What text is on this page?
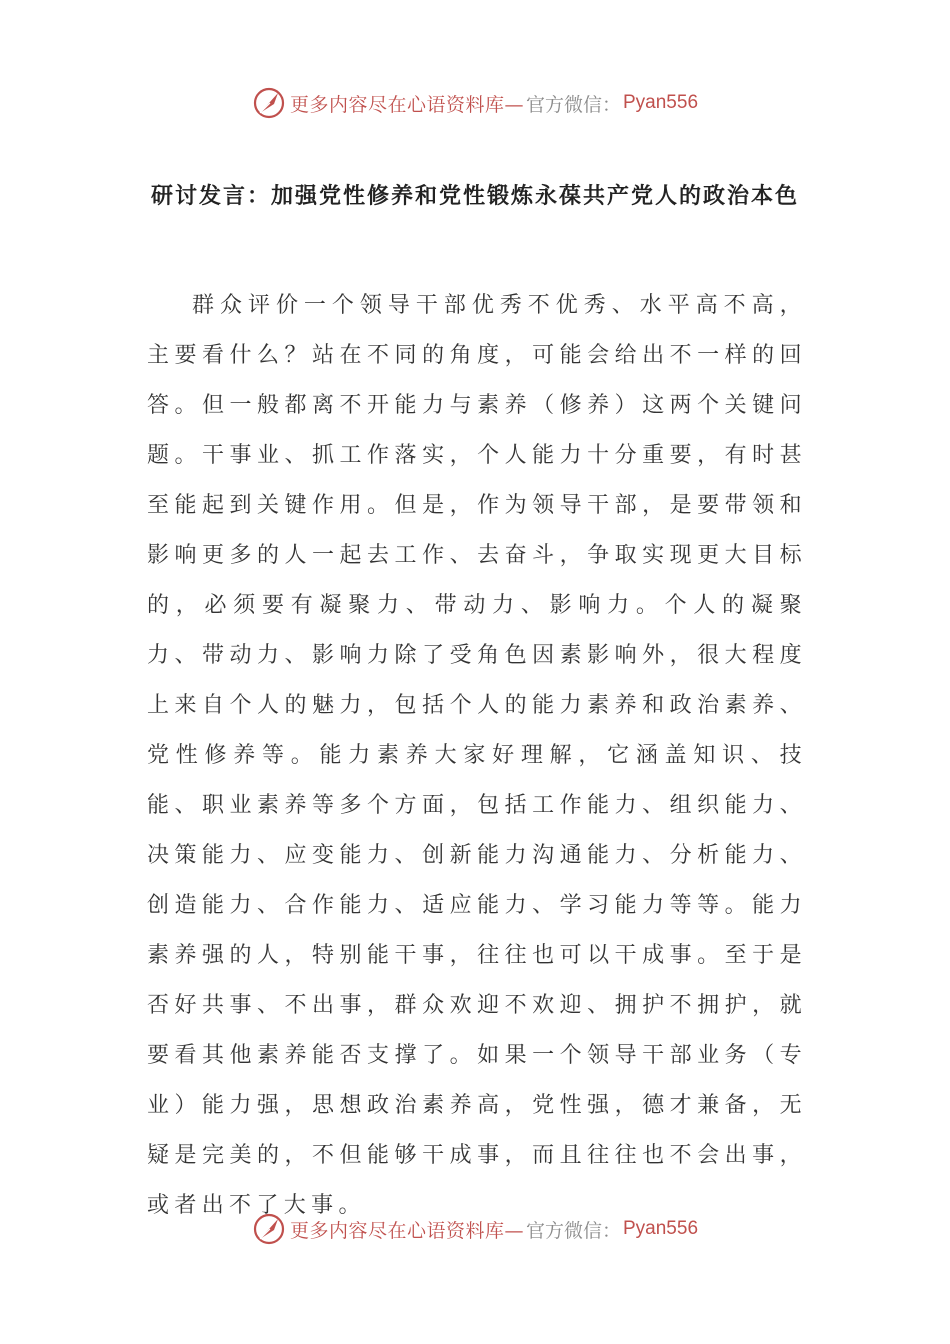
更多内容尽在心语资料库— 官方微信： Pyan556
研讨发言：加强党性修养和党性锻炼永葆共产党人的政治本色

群众评价一个领导干部优秀不优秀、水平高不高，主要看什么？站在不同的角度，可能会给出不一样的回答。但一般都离不开能力与素养（修养）这两个关键问题。干事业、抓工作落实，个人能力十分重要，有时甚至能起到关键作用。但是，作为领导干部，是要带领和影响更多的人一起去工作、去奋斗，争取实现更大目标的，必须要有凝聚力、带动力、影响力。个人的凝聚力、带动力、影响力除了受角色因素影响外，很大程度上来自个人的魅力，包括个人的能力素养和政治素养、党性修养等。能力素养大家好理解，它涵盖知识、技能、职业素养等多个方面，包括工作能力、组织能力、决策能力、应变能力、创新能力沟通能力、分析能力、创造能力、合作能力、适应能力、学习能力等等。能力素养强的人，特别能干事，往往也可以干成事。至于是否好共事、不出事，群众欢迎不欢迎、拥护不拥护，就要看其他素养能否支撑了。如果一个领导干部业务（专业）能力强，思想政治素养高，党性强，德才兼备，无疑是完美的，不但能够干成事，而且往往也不会出事，或者出不了大事。

更多内容尽在心语资料库— 官方微信： Pyan556
